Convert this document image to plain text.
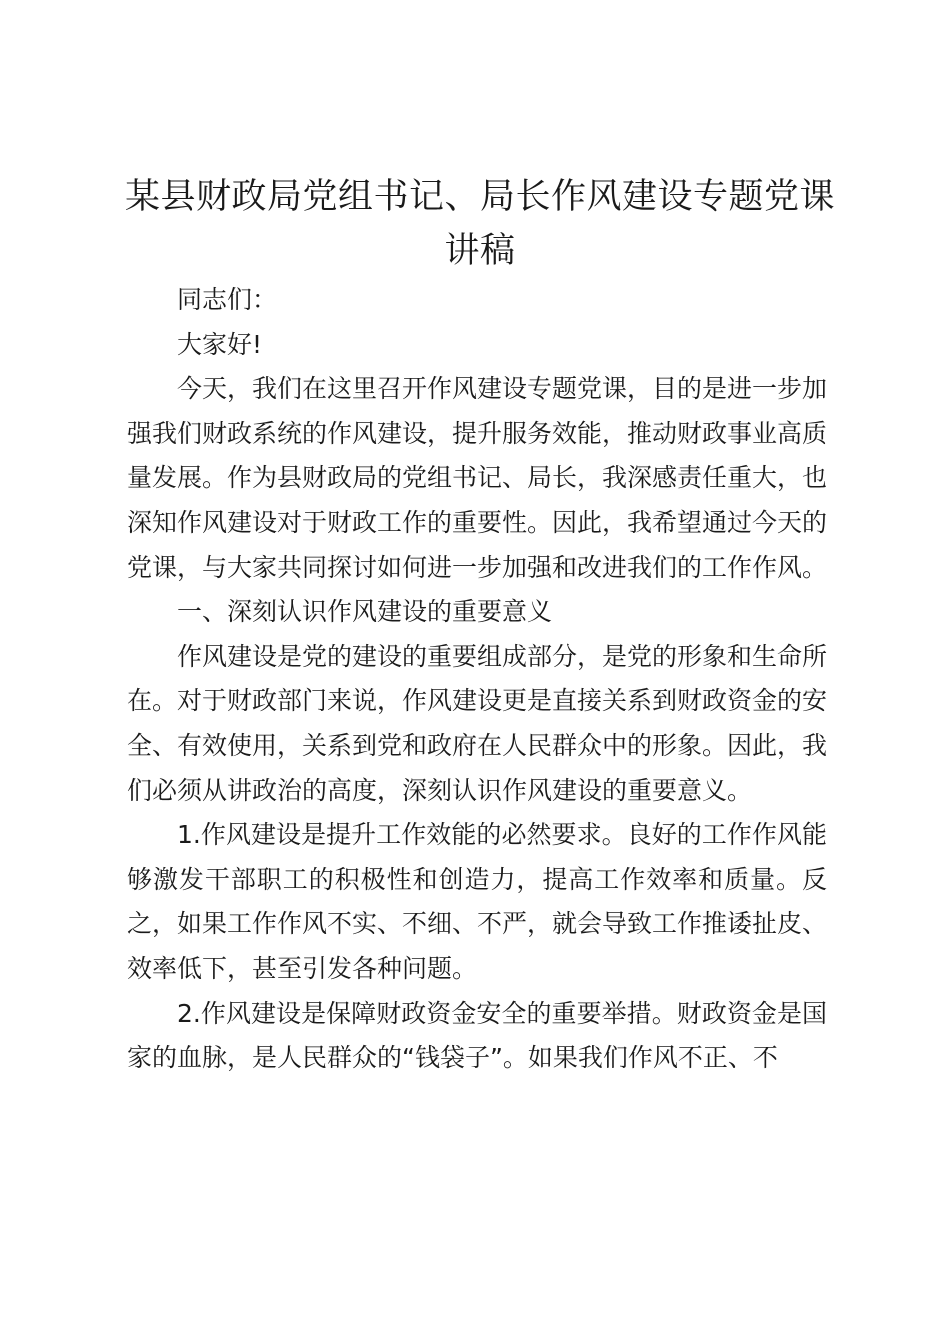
某县财政局党组书记、局长作风建设专题党课讲稿

同志们：

大家好!

今天，我们在这里召开作风建设专题党课，目的是进一步加强我们财政系统的作风建设，提升服务效能，推动财政事业高质量发展。作为县财政局的党组书记、局长，我深感责任重大，也深知作风建设对于财政工作的重要性。因此，我希望通过今天的党课，与大家共同探讨如何进一步加强和改进我们的工作作风。

一、深刻认识作风建设的重要意义

作风建设是党的建设的重要组成部分，是党的形象和生命所在。对于财政部门来说，作风建设更是直接关系到财政资金的安全、有效使用，关系到党和政府在人民群众中的形象。因此，我们必须从讲政治的高度，深刻认识作风建设的重要意义。

1.作风建设是提升工作效能的必然要求。良好的工作作风能够激发干部职工的积极性和创造力，提高工作效率和质量。反之，如果工作作风不实、不细、不严，就会导致工作推诿扯皮、效率低下，甚至引发各种问题。

2.作风建设是保障财政资金安全的重要举措。财政资金是国家的血脉，是人民群众的“钱袋子”。如果我们作风不正、不
